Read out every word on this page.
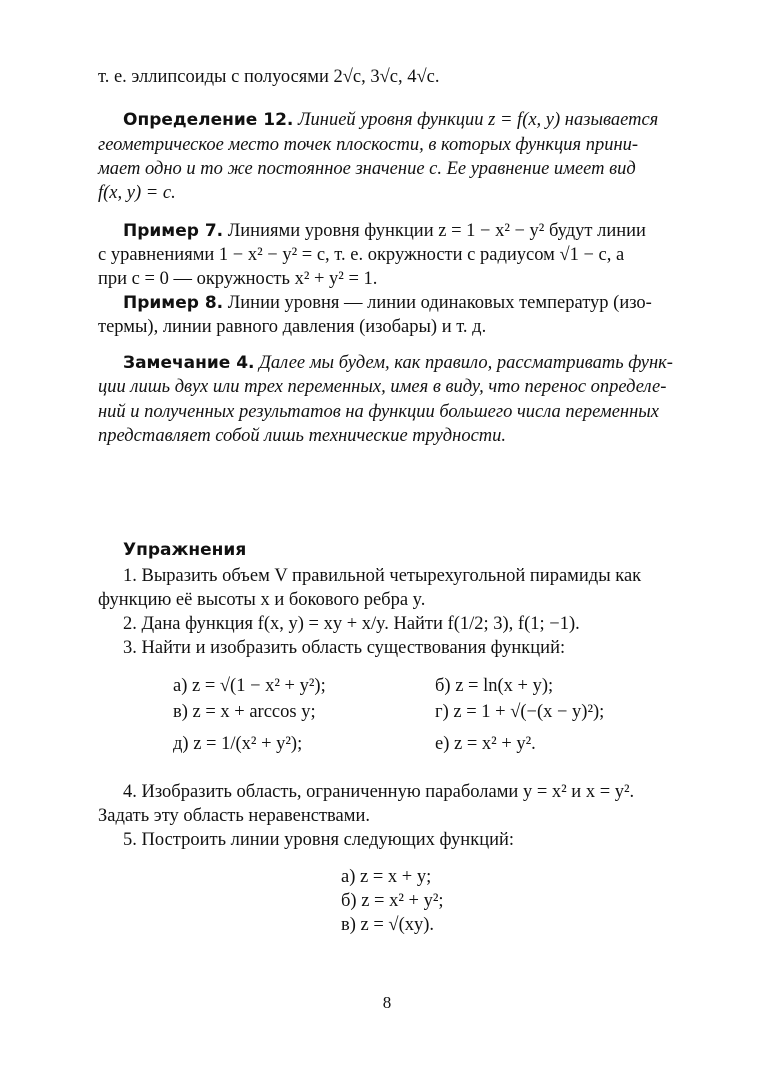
т. е. эллипсоиды с полуосями 2√c, 3√c, 4√c.
Определение 12. Линией уровня функции z = f(x, y) называется
геометрическое место точек плоскости, в которых функция прини-
мает одно и то же постоянное значение c. Ее уравнение имеет вид
f(x, y) = c.
Пример 7. Линиями уровня функции z = 1 − x² − y² будут линии
с уравнениями 1 − x² − y² = c, т. е. окружности с радиусом √1 − c, а
при c = 0 — окружность x² + y² = 1.
Пример 8. Линии уровня — линии одинаковых температур (изо-
термы), линии равного давления (изобары) и т. д.
Замечание 4. Далее мы будем, как правило, рассматривать функ-
ции лишь двух или трех переменных, имея в виду, что перенос определе-
ний и полученных результатов на функции большего числа переменных
представляет собой лишь технические трудности.
Упражнения
1. Выразить объем V правильной четырехугольной пирамиды как
функцию её высоты x и бокового ребра y.
2. Дана функция f(x, y) = xy + x/y. Найти f(1/2; 3), f(1; −1).
3. Найти и изобразить область существования функций:
а) z = √(1 − x² + y²);	б) z = ln(x + y);
в) z = x + arccos y;	г) z = 1 + √(−(x − y)²);
д) z = 1/(x² + y²);	е) z = x² + y².
4. Изобразить область, ограниченную параболами y = x² и x = y².
Задать эту область неравенствами.
5. Построить линии уровня следующих функций:
а) z = x + y;
б) z = x² + y²;
в) z = √(xy).
8
